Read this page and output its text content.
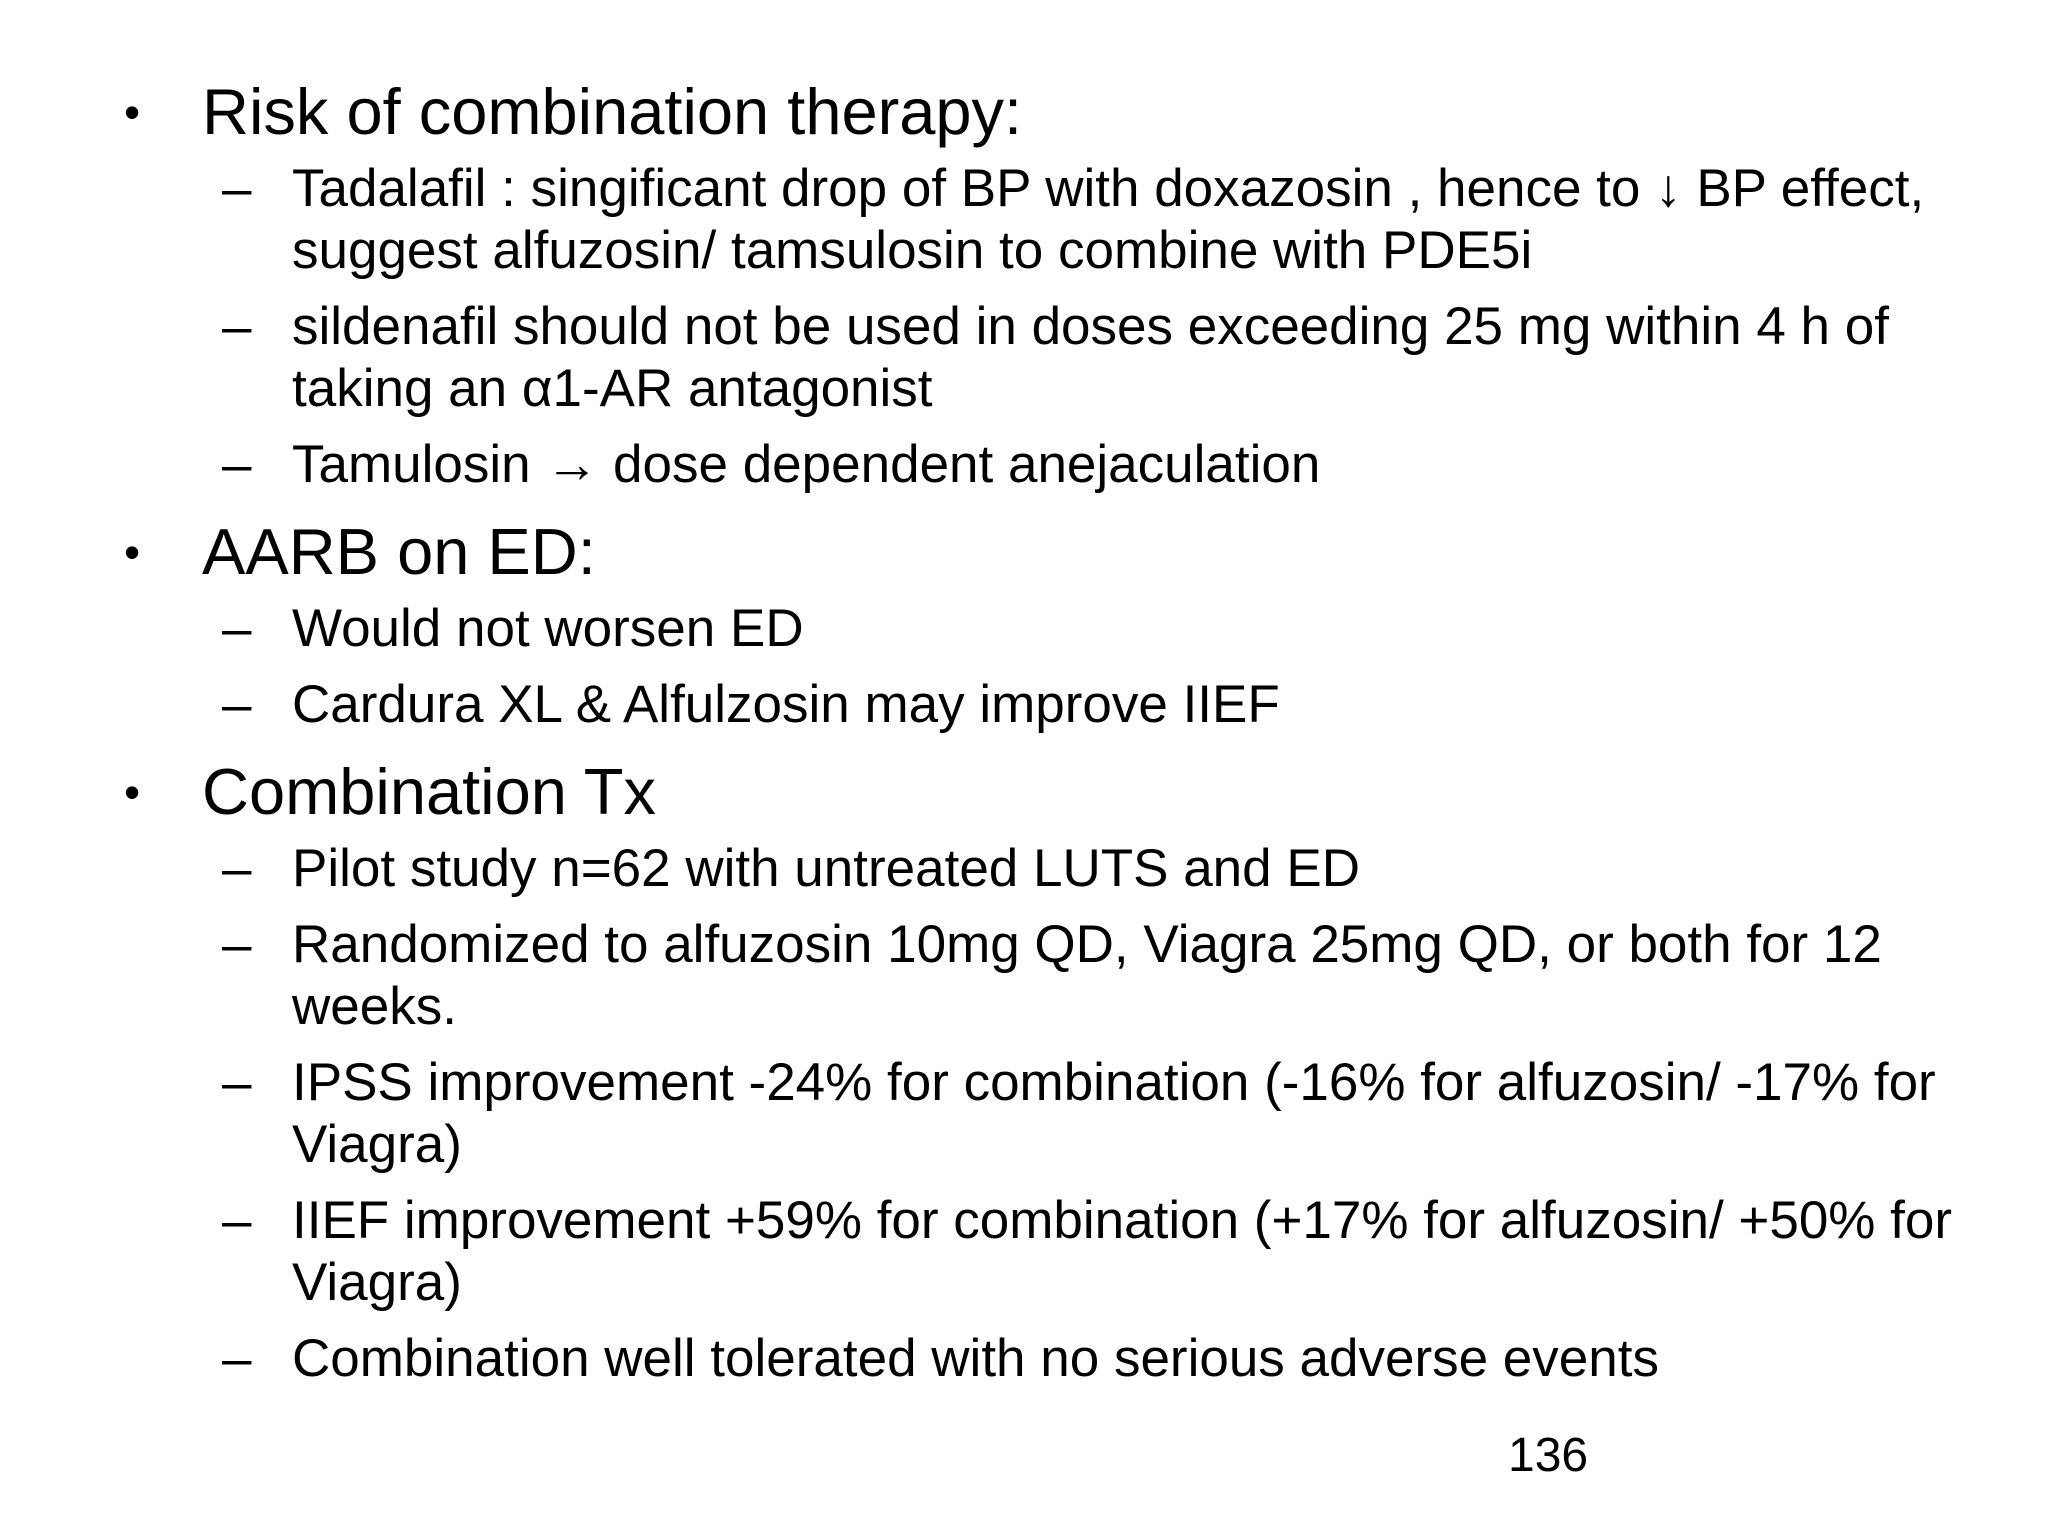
• Risk of combination therapy:
– Tadalafil : singificant drop of BP with doxazosin , hence to ↓ BP effect, suggest alfuzosin/ tamsulosin to combine with PDE5i
– sildenafil should not be used in doses exceeding 25 mg within 4 h of taking an α1-AR antagonist
– Tamulosin → dose dependent anejaculation
• AARB on ED:
– Would not worsen ED
– Cardura XL & Alfulzosin may improve IIEF
• Combination Tx
– Pilot study n=62 with untreated LUTS and ED
– Randomized to alfuzosin 10mg QD, Viagra 25mg QD, or both for 12 weeks.
– IPSS improvement -24% for combination (-16% for alfuzosin/ -17% for Viagra)
– IIEF improvement +59% for combination (+17% for alfuzosin/ +50% for Viagra)
– Combination well tolerated with no serious adverse events
136
